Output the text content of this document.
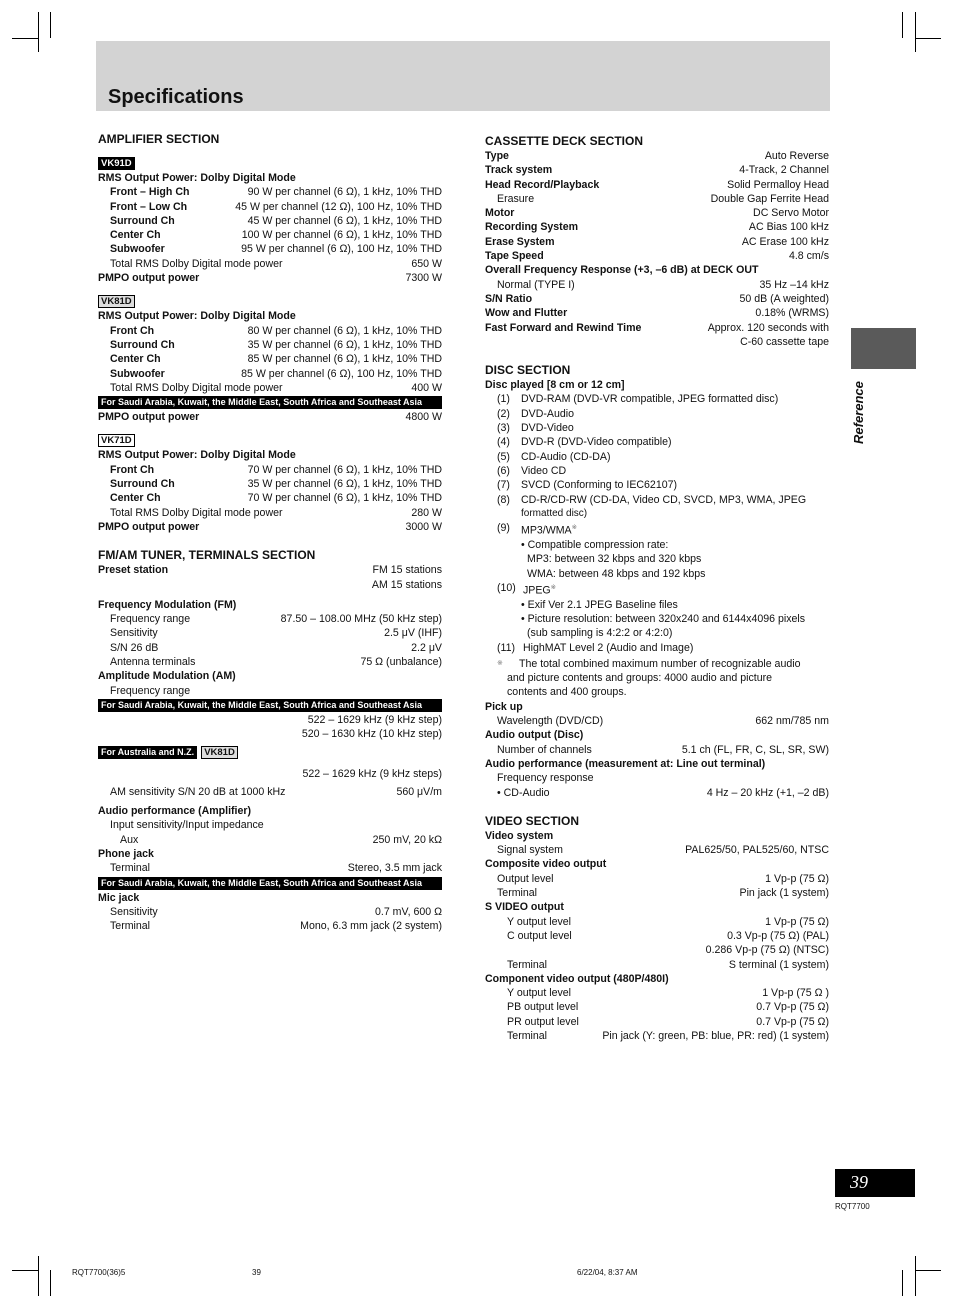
Specifications
Reference
AMPLIFIER SECTION
VK91D
RMS Output Power: Dolby Digital Mode
Front – High Ch	90 W per channel (6 Ω), 1 kHz, 10% THD
Front – Low Ch	45 W per channel (12 Ω), 100 Hz, 10% THD
Surround Ch	45 W per channel (6 Ω), 1 kHz, 10% THD
Center Ch	100 W per channel (6 Ω), 1 kHz, 10% THD
Subwoofer	95 W per channel (6 Ω), 100 Hz, 10% THD
Total RMS Dolby Digital mode power	650 W
PMPO output power	7300 W
VK81D
RMS Output Power: Dolby Digital Mode
Front Ch	80 W per channel (6 Ω), 1 kHz, 10% THD
Surround Ch	35 W per channel (6 Ω), 1 kHz, 10% THD
Center Ch	85 W per channel (6 Ω), 1 kHz, 10% THD
Subwoofer	85 W per channel (6 Ω), 100 Hz, 10% THD
Total RMS Dolby Digital mode power	400 W
For Saudi Arabia, Kuwait, the Middle East, South Africa and Southeast Asia
PMPO output power	4800 W
VK71D
RMS Output Power: Dolby Digital Mode
Front Ch	70 W per channel (6 Ω), 1 kHz, 10% THD
Surround Ch	35 W per channel (6 Ω), 1 kHz, 10% THD
Center Ch	70 W per channel (6 Ω), 1 kHz, 10% THD
Total RMS Dolby Digital mode power	280 W
PMPO output power	3000 W
FM/AM TUNER, TERMINALS SECTION
Preset station	FM 15 stations
AM 15 stations
Frequency Modulation (FM)
Frequency range	87.50 – 108.00 MHz (50 kHz step)
Sensitivity	2.5 μV (IHF)
S/N 26 dB	2.2 μV
Antenna terminals	75 Ω (unbalance)
Amplitude Modulation (AM)
Frequency range
For Saudi Arabia, Kuwait, the Middle East, South Africa and Southeast Asia
522 – 1629 kHz (9 kHz step)
520 – 1630 kHz (10 kHz step)
For Australia and N.Z.	VK81D
522 – 1629 kHz (9 kHz steps)
AM sensitivity S/N 20 dB at 1000 kHz	560 μV/m
Audio performance (Amplifier)
Input sensitivity/Input impedance
Aux	250 mV, 20 kΩ
Phone jack
Terminal	Stereo, 3.5 mm jack
For Saudi Arabia, Kuwait, the Middle East, South Africa and Southeast Asia
Mic jack
Sensitivity	0.7 mV, 600 Ω
Terminal	Mono, 6.3 mm jack (2 system)
CASSETTE DECK SECTION
Type	Auto Reverse
Track system	4-Track, 2 Channel
Head Record/Playback	Solid Permalloy Head
Erasure	Double Gap Ferrite Head
Motor	DC Servo Motor
Recording System	AC Bias 100 kHz
Erase System	AC Erase 100 kHz
Tape Speed	4.8 cm/s
Overall Frequency Response (+3, –6 dB) at DECK OUT
Normal (TYPE I)	35 Hz –14 kHz
S/N Ratio	50 dB (A weighted)
Wow and Flutter	0.18% (WRMS)
Fast Forward and Rewind Time	Approx. 120 seconds with
C-60 cassette tape
DISC SECTION
Disc played [8 cm or 12 cm]
(1)	DVD-RAM (DVD-VR compatible, JPEG formatted disc)
(2)	DVD-Audio
(3)	DVD-Video
(4)	DVD-R (DVD-Video compatible)
(5)	CD-Audio (CD-DA)
(6)	Video CD
(7)	SVCD (Conforming to IEC62107)
(8)	CD-R/CD-RW (CD-DA, Video CD, SVCD, MP3, WMA, JPEG
formatted disc)
(9)	MP3/WMA※
• Compatible compression rate:
MP3: between 32 kbps and 320 kbps
WMA: between 48 kbps and 192 kbps
(10) JPEG※
• Exif Ver 2.1 JPEG Baseline files
• Picture resolution: between 320x240 and 6144x4096 pixels
(sub sampling is 4:2:2 or 4:2:0)
(11) HighMAT Level 2 (Audio and Image)
※	The total combined maximum number of recognizable audio
and picture contents and groups: 4000 audio and picture
contents and 400 groups.
Pick up
Wavelength (DVD/CD)	662 nm/785 nm
Audio output (Disc)
Number of channels	5.1 ch (FL, FR, C, SL, SR, SW)
Audio performance (measurement at: Line out terminal)
Frequency response
• CD-Audio	4 Hz – 20 kHz (+1, –2 dB)
VIDEO SECTION
Video system
Signal system	PAL625/50, PAL525/60, NTSC
Composite video output
Output level	1 Vp-p (75 Ω)
Terminal	Pin jack (1 system)
S VIDEO output
Y output level	1 Vp-p (75 Ω)
C output level	0.3 Vp-p (75 Ω) (PAL)
0.286 Vp-p (75 Ω) (NTSC)
Terminal	S terminal (1 system)
Component video output (480P/480I)
Y output level	1 Vp-p (75 Ω )
PB output level	0.7 Vp-p (75 Ω)
PR output level	0.7 Vp-p (75 Ω)
Terminal	Pin jack (Y: green, PB: blue, PR: red) (1 system)
39
RQT7700
RQT7700(36)5	39	6/22/04, 8:37 AM
